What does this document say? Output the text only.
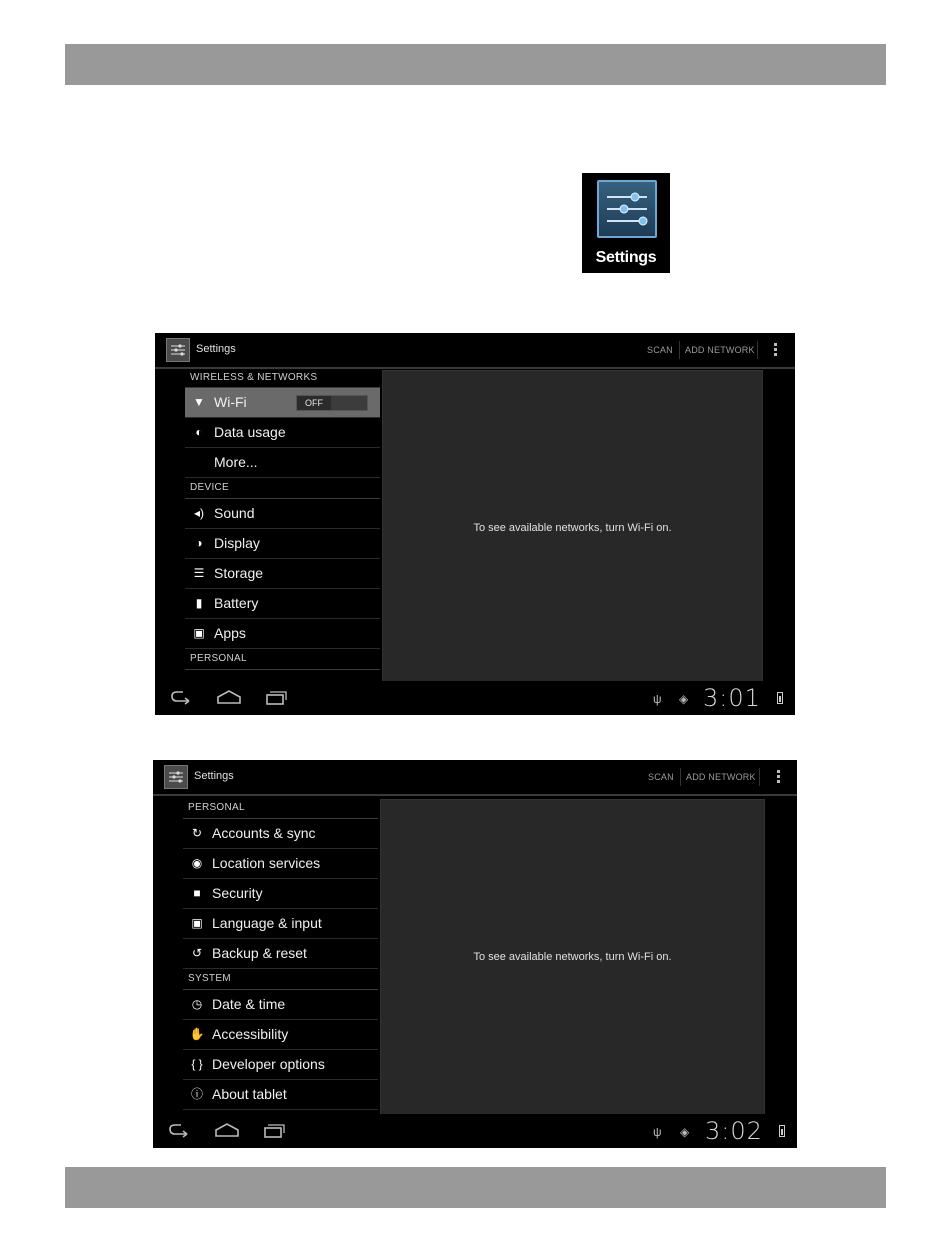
Settings
Settings	SCAN ADD NETWORK
WIRELESS & NETWORKS
▼ Wi-Fi	OFF
◐ Data usage
More...
DEVICE
◂) Sound
◑ Display
☰ Storage
▮ Battery
▣ Apps
PERSONAL
To see available networks, turn Wi-Fi on.
ψ ◈ 3:01
Settings	SCAN ADD NETWORK
PERSONAL
↻ Accounts & sync
◉ Location services
■ Security
▣ Language & input
↺ Backup & reset
SYSTEM
◷ Date & time
✋ Accessibility
{ } Developer options
ⓘ About tablet
To see available networks, turn Wi-Fi on.
ψ ◈ 3:02
